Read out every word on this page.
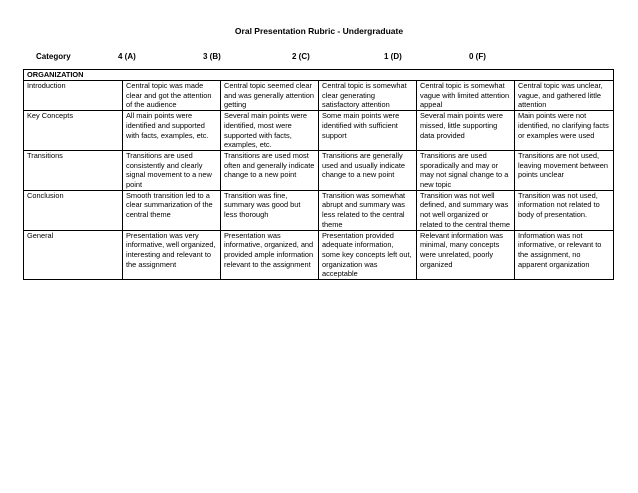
Oral Presentation Rubric - Undergraduate
Category	4 (A)	3 (B)	2 (C)	1 (D)	0 (F)
ORGANIZATION					
Introduction	Central topic was made clear and got the attention of the audience	Central topic seemed clear and was generally attention getting	Central topic is somewhat clear generating satisfactory attention	Central topic is somewhat vague with limited attention appeal	Central topic was unclear, vague, and gathered little attention
Key Concepts	All main points were identified and supported with facts, examples, etc.	Several main points were identified, most were supported with facts, examples, etc.	Some main points were identified with sufficient support	Several main points were missed, little supporting data provided	Main points were not identified, no clarifying facts or examples were used
Transitions	Transitions are used consistently and clearly signal movement to a new point	Transitions are used most often and generally indicate change to a new point	Transitions are generally used and usually indicate change to a new point	Transitions are used sporadically and may or may not signal change to a new topic	Transitions are not used, leaving movement between points unclear
Conclusion	Smooth transition led to a clear summarization of the central theme	Transition was fine, summary was good but less thorough	Transition was somewhat abrupt and summary was less related to the central theme	Transition was not well defined, and summary was not well organized or related to the central theme	Transition was not used, information not related to body of presentation.
General	Presentation was very informative, well organized, interesting and relevant to the assignment	Presentation was informative, organized, and provided ample information relevant to the assignment	Presentation provided adequate information, some key concepts left out, organization was acceptable	Relevant information was minimal, many concepts were unrelated, poorly organized	Information was not informative, or relevant to the assignment, no apparent organization
